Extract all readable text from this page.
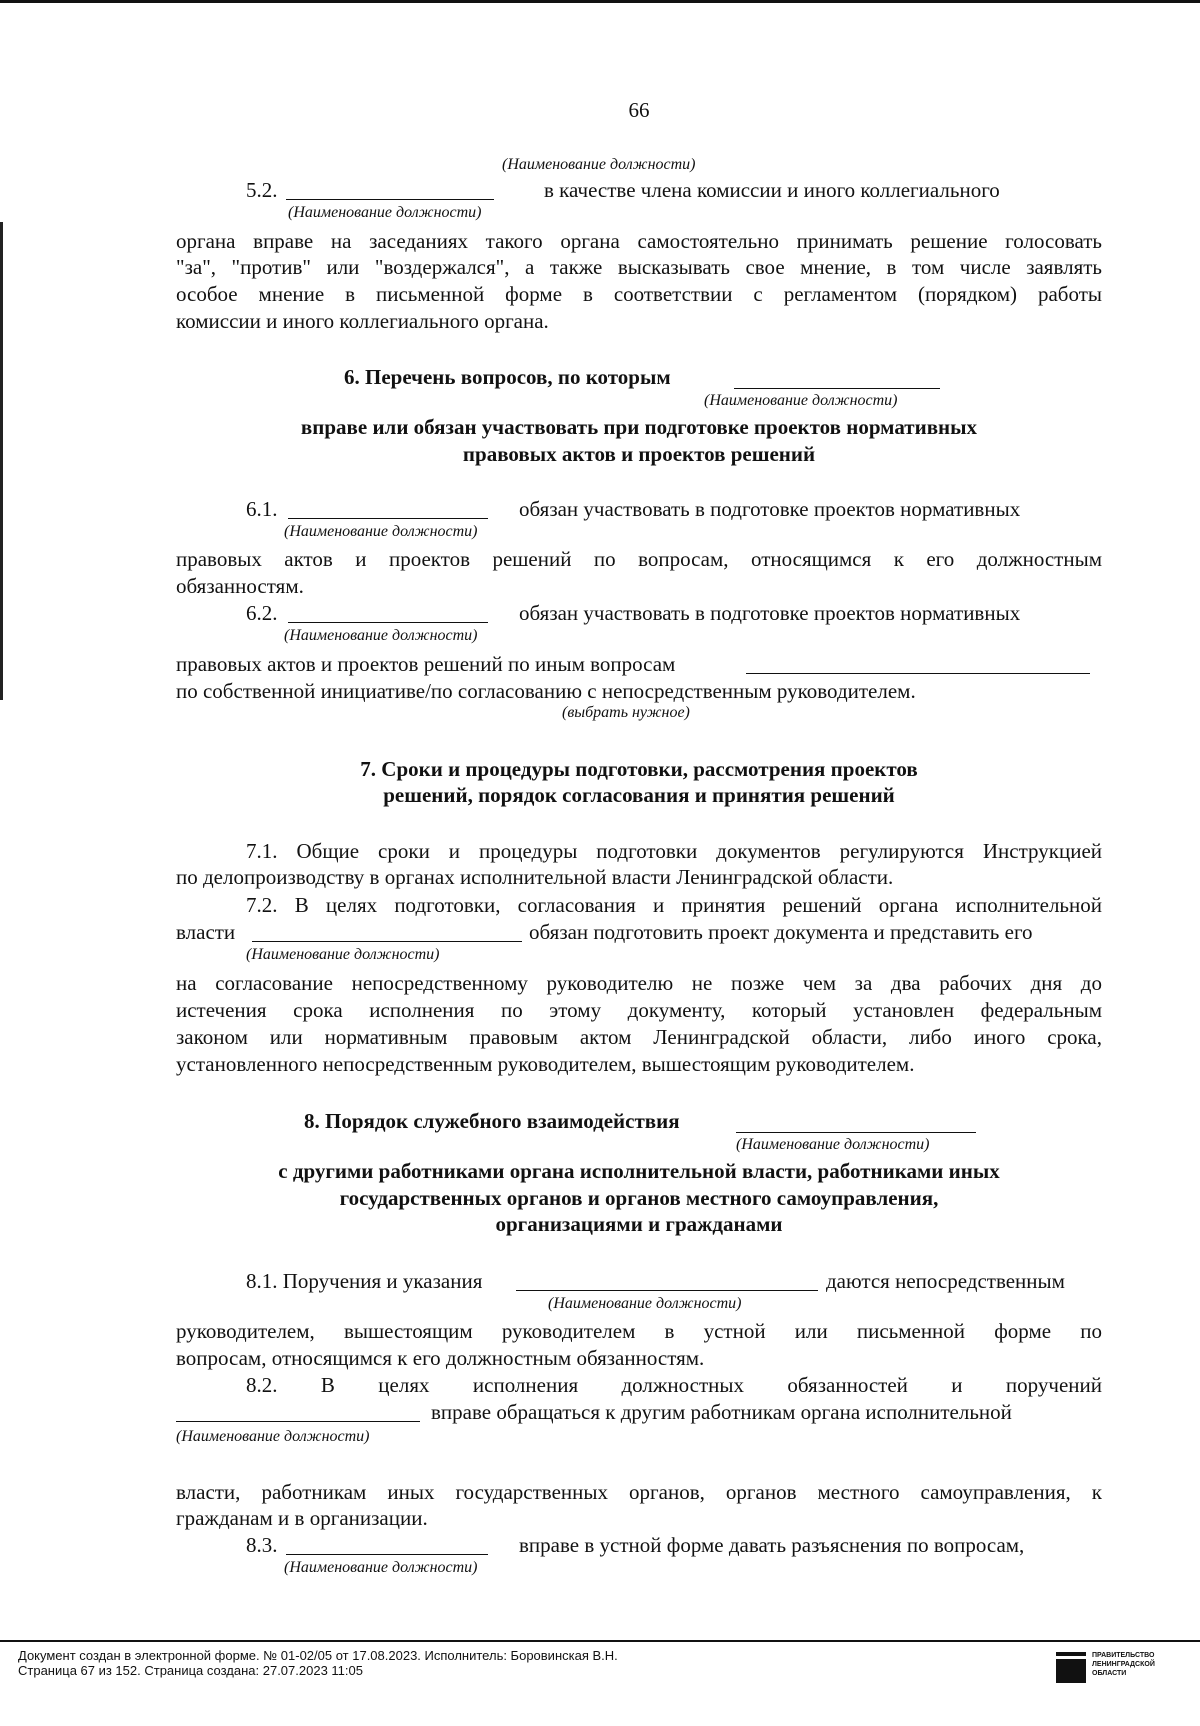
66
(Наименование должности)
5.2.	в качестве члена комиссии и иного коллегиального
(Наименование должности)
органа вправе на заседаниях такого органа самостоятельно принимать решение голосовать
"за", "против" или "воздержался", а также высказывать свое мнение, в том числе заявлять
особое мнение в письменной форме в соответствии с регламентом (порядком) работы
комиссии и иного коллегиального органа.
6. Перечень вопросов, по которым
(Наименование должности)
вправе или обязан участвовать при подготовке проектов нормативных
правовых актов и проектов решений
6.1.	обязан участвовать в подготовке проектов нормативных
(Наименование должности)
правовых актов и проектов решений по вопросам, относящимся к его должностным
обязанностям.
6.2.	обязан участвовать в подготовке проектов нормативных
(Наименование должности)
правовых актов и проектов решений по иным вопросам
по собственной инициативе/по согласованию с непосредственным руководителем.
(выбрать нужное)
7. Сроки и процедуры подготовки, рассмотрения проектов
решений, порядок согласования и принятия решений
7.1. Общие сроки и процедуры подготовки документов регулируются Инструкцией
по делопроизводству в органах исполнительной власти Ленинградской области.
7.2. В целях подготовки, согласования и принятия решений органа исполнительной
власти	обязан подготовить проект документа и представить его
(Наименование должности)
на согласование непосредственному руководителю не позже чем за два рабочих дня до
истечения срока исполнения по этому документу, который установлен федеральным
законом или нормативным правовым актом Ленинградской области, либо иного срока,
установленного непосредственным руководителем, вышестоящим руководителем.
8. Порядок служебного взаимодействия
(Наименование должности)
с другими работниками органа исполнительной власти, работниками иных
государственных органов и органов местного самоуправления,
организациями и гражданами
8.1. Поручения и указания	даются непосредственным
(Наименование должности)
руководителем, вышестоящим руководителем в устной или письменной форме по
вопросам, относящимся к его должностным обязанностям.
8.2. В целях исполнения должностных обязанностей и поручений
вправе обращаться к другим работникам органа исполнительной
(Наименование должности)
власти, работникам иных государственных органов, органов местного самоуправления, к
гражданам и в организации.
8.3.	вправе в устной форме давать разъяснения по вопросам,
(Наименование должности)
Документ создан в электронной форме. № 01-02/05 от 17.08.2023. Исполнитель: Боровинская В.Н.
Страница 67 из 152. Страница создана: 27.07.2023 11:05
ПРАВИТЕЛЬСТВО
ЛЕНИНГРАДСКОЙ
ОБЛАСТИ
